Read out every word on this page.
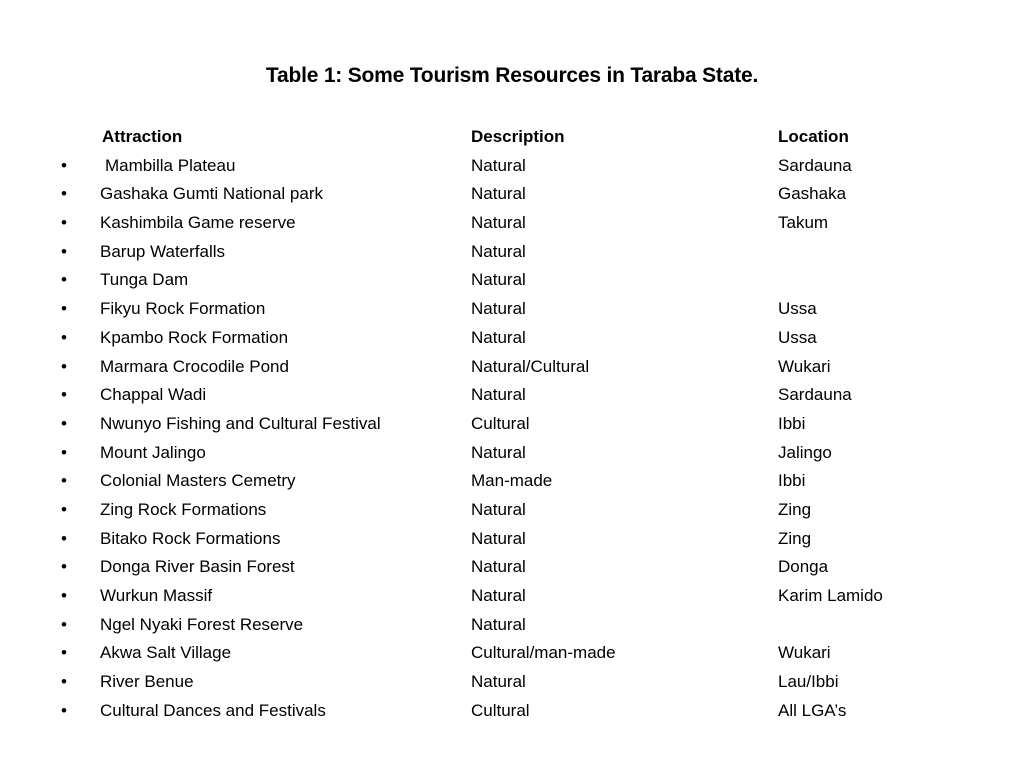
Table 1: Some Tourism Resources in Taraba State.
Attraction	Description	Location
• Mambilla Plateau	Natural	Sardauna
• Gashaka Gumti National park	Natural	Gashaka
• Kashimbila Game reserve	Natural	Takum
• Barup Waterfalls	Natural
• Tunga Dam	Natural
• Fikyu Rock Formation	Natural	Ussa
• Kpambo Rock Formation	Natural	Ussa
• Marmara Crocodile Pond	Natural/Cultural	Wukari
• Chappal Wadi	Natural	Sardauna
• Nwunyo Fishing and Cultural Festival	Cultural	Ibbi
• Mount Jalingo	Natural	Jalingo
• Colonial Masters Cemetry	Man-made	Ibbi
• Zing Rock Formations	Natural	Zing
• Bitako Rock Formations	Natural	Zing
• Donga River Basin Forest	Natural	Donga
• Wurkun Massif	Natural	Karim Lamido
• Ngel Nyaki Forest Reserve	Natural
• Akwa Salt Village	Cultural/man-made	Wukari
• River Benue	Natural	Lau/Ibbi
• Cultural Dances and Festivals	Cultural	All LGA’s
